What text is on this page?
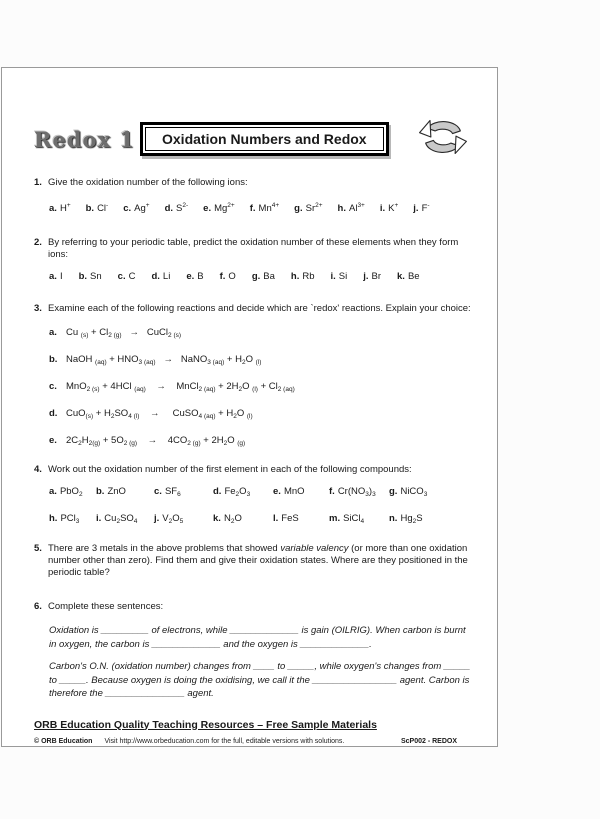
Redox 1	Oxidation Numbers and Redox
1. Give the oxidation number of the following ions:
a. H+ b. Cl- c. Ag+ d. $S^{2-}$ e. $Mg^{2+}$ f. $Mn^{4+}$ g. $Sr^{2+}$ h. $Al^{3+}$ i. K+ j. F-
2. By referring to your periodic table, predict the oxidation number of these elements when they form ions:
a. I b. Sn c. C d. Li e. B f. O g. Ba h. Rb i. Si j. Br k. Be
3. Examine each of the following reactions and decide which are `redox' reactions. Explain your choice:
a. Cu $_{(s)} + Cl_{2 (g)}$ →   CuCl$_{2 (s)}$
b. NaOH $_{(aq)} + HNO_{3 (aq)}$ →   NaNO$_{3 (aq)}$ + $H_2O$ $_{(l)}$
c. MnO$_{2 (s)}$ + 4HCl $_{(aq)}$ →    MnCl$_{2 (aq)}$ + $2H_2O$ $_{(l)} + Cl_{2 (aq)}$
d. $CuO_{(s)} + H_2SO_{4 (l)}$ →     CuSO$_{4 (aq)}$ + $H_2O$ $_{(l)}$
e. $2C_2H_{2(g)} + 5O_{2 (g)}$ →    $4CO_{2 (g)} + 2H_2O$ $_{(g)}$
4. Work out the oxidation number of the first element in each of the following compounds:
a. PbO$_2$	b. ZnO	c. $SF_6$	d. $Fe_2O_3$	e. MnO	f. $Cr(NO_3)_3$	g. NiCO$_3$
h. PCl$_3$	i. $Cu_2SO_4$	j. $V_2O_5$	k. $N_2O$	l. FeS	m. SiCl$_4$	n. $Hg_2S$
5. There are 3 metals in the above problems that showed variable valency (or more than one oxidation number other than zero). Find them and give their oxidation states. Where are they positioned in the periodic table?
6. Complete these sentences:
Oxidation is _________ of electrons, while _____________ is gain (OILRIG). When carbon is burnt in oxygen, the carbon is _____________ and the oxygen is _____________.
Carbon's O.N. (oxidation number) changes from ____ to _____, while oxygen's changes from _____ to _____. Because oxygen is doing the oxidising, we call it the ________________ agent. Carbon is therefore the _______________ agent.
ORB Education Quality Teaching Resources – Free Sample Materials
© ORB Education Visit http://www.orbeducation.com for the full, editable versions with solutions.	ScP002 - REDOX
